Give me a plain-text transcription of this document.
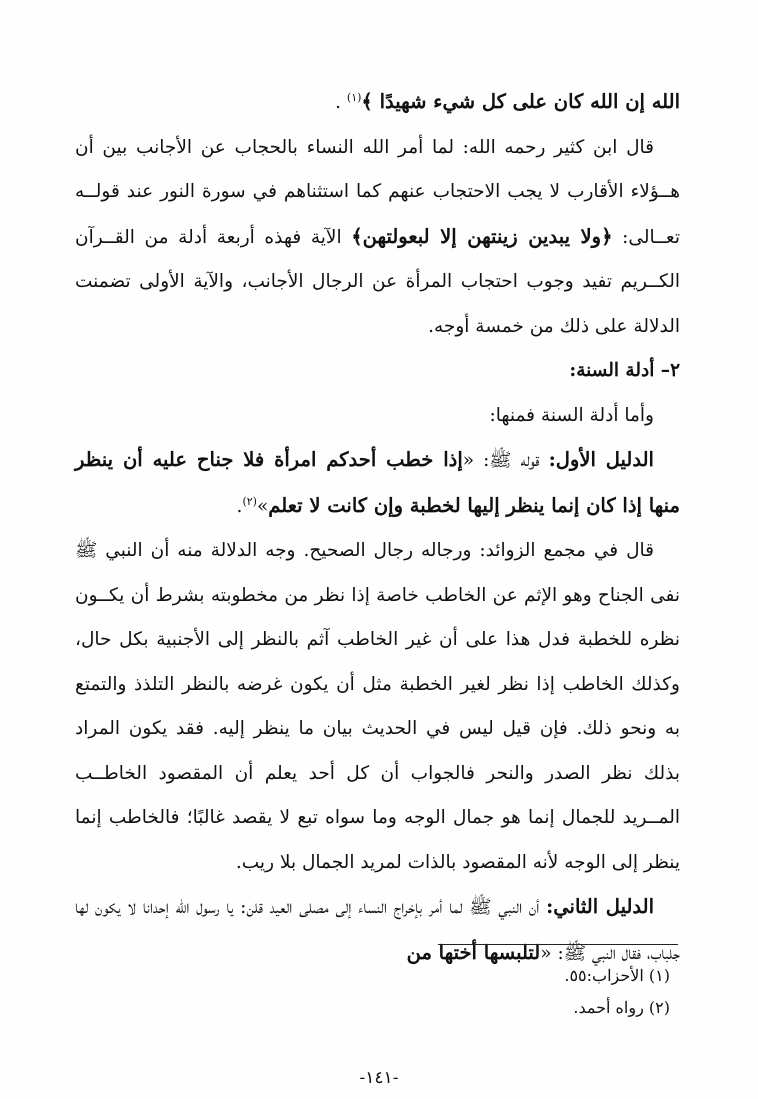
الله إن الله كان على كل شيء شهيدًا ﴾$^{(١)}$ .

قال ابن كثير رحمه الله: لما أمر الله النساء بالحجاب عن الأجانب بين أن هــؤلاء الأقارب لا يجب الاحتجاب عنهم كما استثناهم في سورة النور عند قولــه تعــالى: ﴿ولا يبدين زينتهن إلا لبعولتهن﴾ الآية فهذه أربعة أدلة من القــرآن الكــريم تفيد وجوب احتجاب المرأة عن الرجال الأجانب، والآية الأولى تضمنت الدلالة على ذلك من خمسة أوجه.

٢– أدلة السنة:

وأما أدلة السنة فمنها:

الدليل الأول: قوله ﷺ: «إذا خطب أحدكم امرأة فلا جناح عليه أن ينظر منها إذا كان إنما ينظر إليها لخطبة وإن كانت لا تعلم»$^{(٢)}$.

قال في مجمع الزوائد: ورجاله رجال الصحيح. وجه الدلالة منه أن النبي ﷺ نفى الجناح وهو الإثم عن الخاطب خاصة إذا نظر من مخطوبته بشرط أن يكــون نظره للخطبة فدل هذا على أن غير الخاطب آثم بالنظر إلى الأجنبية بكل حال، وكذلك الخاطب إذا نظر لغير الخطبة مثل أن يكون غرضه بالنظر التلذذ والتمتع به ونحو ذلك. فإن قيل ليس في الحديث بيان ما ينظر إليه. فقد يكون المراد بذلك نظر الصدر والنحر فالجواب أن كل أحد يعلم أن المقصود الخاطــب المــريد للجمال إنما هو جمال الوجه وما سواه تبع لا يقصد غالبًا؛ فالخاطب إنما ينظر إلى الوجه لأنه المقصود بالذات لمريد الجمال بلا ريب.

الدليل الثاني: أن النبي ﷺ لما أمر بإخراج النساء إلى مصلى العيد قلن: يا رسول الله إحدانا لا يكون لها جلباب، فقال النبي ﷺ: «لتلبسها أختها من

(١) الأحزاب:٥٥.

(٢) رواه أحمد.

-١٤١-
